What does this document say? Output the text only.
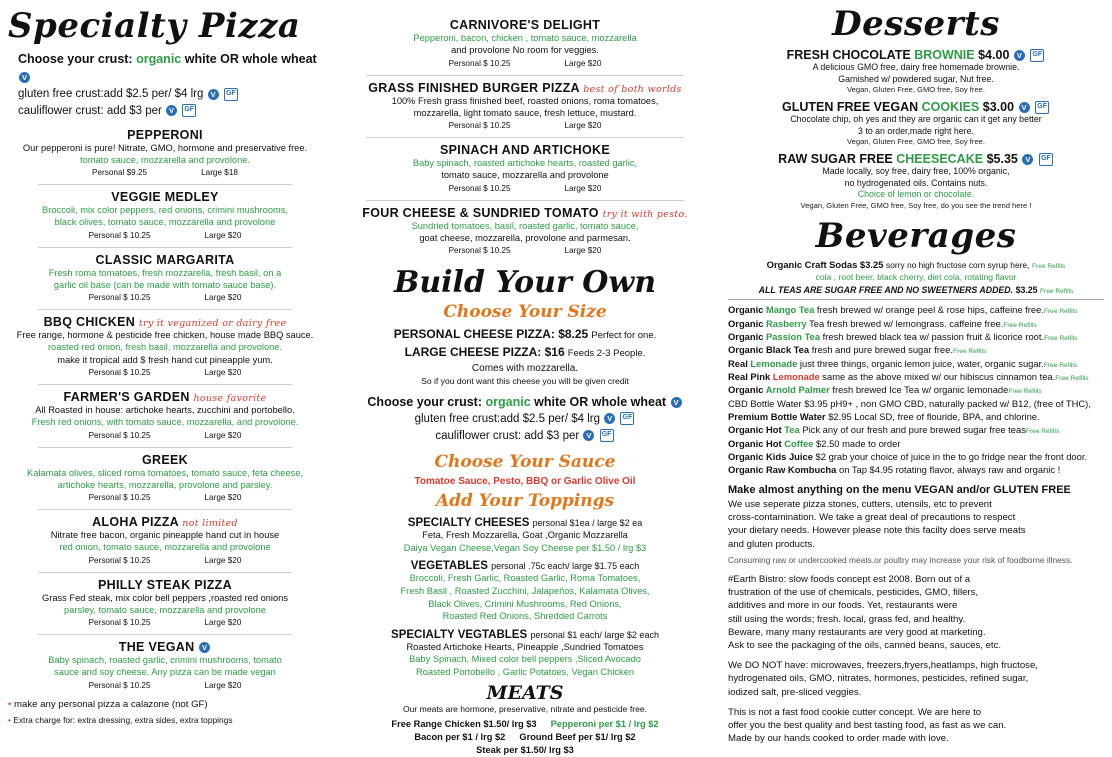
Specialty Pizza
Choose your crust: organic white OR whole wheat V
gluten free crust:add $2.5 per/ $4 lrg V GF
cauliflower crust: add $3 per V GF
PEPPERONI
Our pepperoni is pure! Nitrate, GMO, hormone and preservative free.
tomato sauce, mozzarella and provolone.
Personal $9.25	Large $18
VEGGIE MEDLEY
Broccoli, mix color peppers, red onions, crimini mushrooms,
black olives, tomato sauce, mozzarella and provolone
Personal $ 10.25	Large $20
CLASSIC MARGARITA
Fresh roma tomatoes, fresh mozzarella, fresh basil, on a
garlic oil base (can be made with tomato sauce base).
Personal $ 10.25	Large $20
BBQ CHICKEN try it veganized or dairy free
Free range, hormone & pesticide free chicken, house made BBQ sauce.
roasted red onion, fresh basil, mozzarella and provolone.
make it tropical add $ fresh hand cut pineapple yum.
Personal $ 10.25	Large $20
FARMER'S GARDEN house favorite
All Roasted in house: artichoke hearts, zucchini and portobello.
Fresh red onions, with tomato sauce, mozzarella, and provolone.
Personal $ 10.25	Large $20
GREEK
Kalamata olives, sliced roma tomatoes, tomato sauce, feta cheese,
artichoke hearts, mozzarella, provolone and parsley.
Personal $ 10.25	Large $20
ALOHA PIZZA not limited
Nitrate free bacon, organic pineapple hand cut in house
red onion, tomato sauce, mozzarella and provolone
Personal $ 10.25	Large $20
PHILLY STEAK PIZZA
Grass Fed steak, mix color bell peppers ,roasted red onions
parsley, tomato sauce, mozzarella and provolone
Personal $ 10.25	Large $20
THE VEGAN V
Baby spinach, roasted garlic, crimini mushrooms, tomato
sauce and soy cheese. Any pizza can be made vegan
Personal $ 10.25	Large $20
• make any personal pizza a calazone (not GF)
• Extra charge for: extra dressing, extra sides, extra toppings
CARNIVORE'S DELIGHT
Pepperoni, bacon, chicken , tomato sauce, mozzarella
and provolone No room for veggies.
Personal $ 10.25	Large $20
GRASS FINISHED BURGER PIZZA best of both worlds
100% Fresh grass finished beef, roasted onions, roma tomatoes,
mozzarella, light tomato sauce, fresh lettuce, mustard.
Personal $ 10.25	Large $20
SPINACH AND ARTICHOKE
Baby spinach, roasted artichoke hearts, roasted garlic,
tomato sauce, mozzarella and provolone
Personal $ 10.25	Large $20
FOUR CHEESE & SUNDRIED TOMATO try it with pesto.
Sundried tomatoes, basil, roasted garlic, tomato sauce,
goat cheese, mozzarella, provolone and parmesan.
Personal $ 10.25	Large $20
Build Your Own
Choose Your Size
PERSONAL CHEESE PIZZA: $8.25 Perfect for one.
LARGE CHEESE PIZZA: $16 Feeds 2-3 People.
Comes with mozzarella.
So if you dont want this cheese you will be given credit
Choose your crust: organic white OR whole wheat V
gluten free crust:add $2.5 per/ $4 lrg V GF
cauliflower crust: add $3 per V GF
Choose Your Sauce
Tomatoe Sauce, Pesto, BBQ or Garlic Olive Oil
Add Your Toppings
SPECIALTY CHEESES personal $1ea / large $2 ea
Feta, Fresh Mozzarella, Goat ,Organic Mozzarella
Daiya Vegan Cheese,Vegan Soy Cheese per $1.50 / lrg $3
VEGETABLES personal .75c each/ large $1.75 each
Broccoli, Fresh Garlic, Roasted Garlic, Roma Tomatoes,
Fresh Basil , Roasted Zucchini, Jalapeños, Kalamata Olives,
Black Olives, Crimini Mushrooms, Red Onions,
Roasted Red Onions, Shredded Carrots
SPECIALTY VEGTABLES personal $1 each/ large $2 each
Roasted Artichoke Hearts, Pineapple ,Sundried Tomatoes
Baby Spinach, Mixed color bell peppers ,Sliced Avocado
Roasted Portobello , Garlic Potatoes, Vegan Chicken
MEATS
Our meats are hormone, preservative, nitrate and pesticide free.
Free Range Chicken $1.50/ lrg $3 Pepperoni per $1 / lrg $2
Bacon per $1 / lrg $2 Ground Beef per $1/ lrg $2
Steak per $1.50/ lrg $3
Desserts
FRESH CHOCOLATE BROWNIE $4.00 V GF
A delicious GMO free, dairy free homemade brownie.
Garnished w/ powdered sugar, Nut free.
Vegan, Gluten Free, GMO free, Soy free.
GLUTEN FREE VEGAN COOKIES $3.00 V GF
Chocolate chip, oh yes and they are organic can it get any better
3 to an order,made right here.
Vegan, Gluten Free, GMO free, Soy free.
RAW SUGAR FREE CHEESECAKE $5.35 V GF
Made locally, soy free, dairy free, 100% organic,
no hydrogenated oils. Contains nuts.
Choice of lemon or chocolate.
Vegan, Gluten Free, GMO free, Soy free, do you see the trend here !
Beverages
Organic Craft Sodas $3.25 sorry no high fructose corn syrup here, Free Refills
cola , root beer, black cherry, diet cola, rotating flavor
ALL TEAS ARE SUGAR FREE AND NO SWEETNERS ADDED. $3.25 Free Refills
Organic Mango Tea fresh brewed w/ orange peel & rose hips, caffeine free.Free Refills
Organic Rasberry Tea fresh brewed w/ lemongrass. caffeine free.Free Refills
Organic Passion Tea fresh brewed black tea w/ passion fruit & licorice root.Free Refills
Organic Black Tea fresh and pure brewed sugar free.Free Refills
Real Lemonade just three things, organic lemon juice, water, organic sugar.Free Refills
Real Pink Lemonade same as the above mixed w/ our hibiscus cinnamon tea.Free Refills
Organic Arnold Palmer fresh brewed Ice Tea w/ organic lemonadeFree Refills
CBD Bottle Water $3.95 pH9+ , non GMO CBD, naturally packed w/ B12, (free of THC),
Premium Bottle Water $2.95 Local SD, free of flouride, BPA, and chlorine.
Organic Hot Tea Pick any of our fresh and pure brewed sugar free teasFree Refills
Organic Hot Coffee $2.50 made to order
Organic Kids Juice $2 grab your choice of juice in the to go fridge near the front door.
Organic Raw Kombucha on Tap $4.95 rotating flavor, always raw and organic !
Make almost anything on the menu VEGAN and/or GLUTEN FREE
We use seperate pizza stones, cutters, utensils, etc to prevent
cross-contamination. We take a great deal of precautions to respect
your dietary needs. However please note this facilty does serve meats
and gluten products.
Consuming raw or undercooked meats,or poultry may increase your risk of foodborne illness.
#Earth Bistro: slow foods concept est 2008. Born out of a
frustration of the use of chemicals, pesticides, GMO, fillers,
additives and more in our foods. Yet, restaurants were
still using the words; fresh. local, grass fed, and healthy.
Beware, many many restaurants are very good at marketing.
Ask to see the packaging of the oils, canned beans, sauces, etc.
We DO NOT have: microwaves, freezers,fryers,heatlamps, high fructose,
hydrogenated oils, GMO, nitrates, hormones, pesticides, refined sugar,
iodized salt, pre-sliced veggies.
This is not a fast food cookie cutter concept. We are here to
offer you the best quality and best tasting food, as fast as we can.
Made by our hands cooked to order made with love.
